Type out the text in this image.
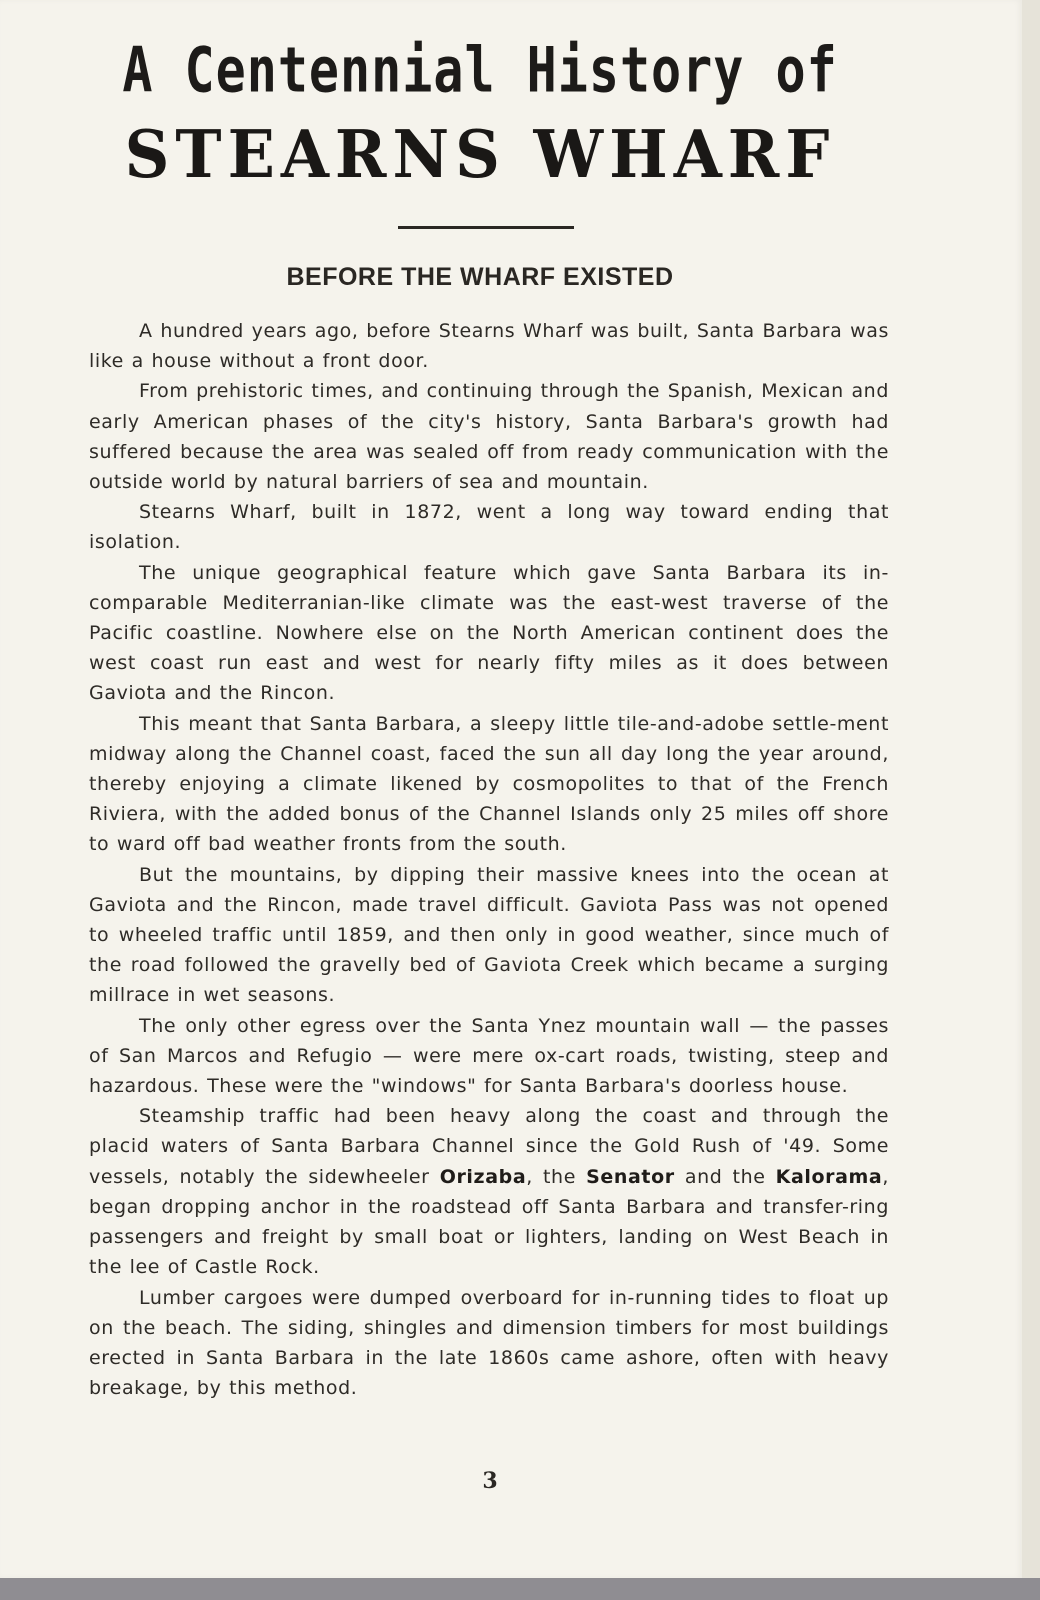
A Centennial History of
STEARNS WHARF
BEFORE THE WHARF EXISTED

A hundred years ago, before Stearns Wharf was built, Santa Barbara was like a house without a front door.

From prehistoric times, and continuing through the Spanish, Mexican and early American phases of the city's history, Santa Barbara's growth had suffered because the area was sealed off from ready communication with the outside world by natural barriers of sea and mountain.

Stearns Wharf, built in 1872, went a long way toward ending that isolation.

The unique geographical feature which gave Santa Barbara its in-comparable Mediterranian-like climate was the east-west traverse of the Pacific coastline. Nowhere else on the North American continent does the west coast run east and west for nearly fifty miles as it does between Gaviota and the Rincon.

This meant that Santa Barbara, a sleepy little tile-and-adobe settle-ment midway along the Channel coast, faced the sun all day long the year around, thereby enjoying a climate likened by cosmopolites to that of the French Riviera, with the added bonus of the Channel Islands only 25 miles off shore to ward off bad weather fronts from the south.

But the mountains, by dipping their massive knees into the ocean at Gaviota and the Rincon, made travel difficult. Gaviota Pass was not opened to wheeled traffic until 1859, and then only in good weather, since much of the road followed the gravelly bed of Gaviota Creek which became a surging millrace in wet seasons.

The only other egress over the Santa Ynez mountain wall — the passes of San Marcos and Refugio — were mere ox-cart roads, twisting, steep and hazardous. These were the "windows" for Santa Barbara's doorless house.

Steamship traffic had been heavy along the coast and through the placid waters of Santa Barbara Channel since the Gold Rush of '49. Some vessels, notably the sidewheeler Orizaba, the Senator and the Kalorama, began dropping anchor in the roadstead off Santa Barbara and transfer-ring passengers and freight by small boat or lighters, landing on West Beach in the lee of Castle Rock.

Lumber cargoes were dumped overboard for in-running tides to float up on the beach. The siding, shingles and dimension timbers for most buildings erected in Santa Barbara in the late 1860s came ashore, often with heavy breakage, by this method.

3
